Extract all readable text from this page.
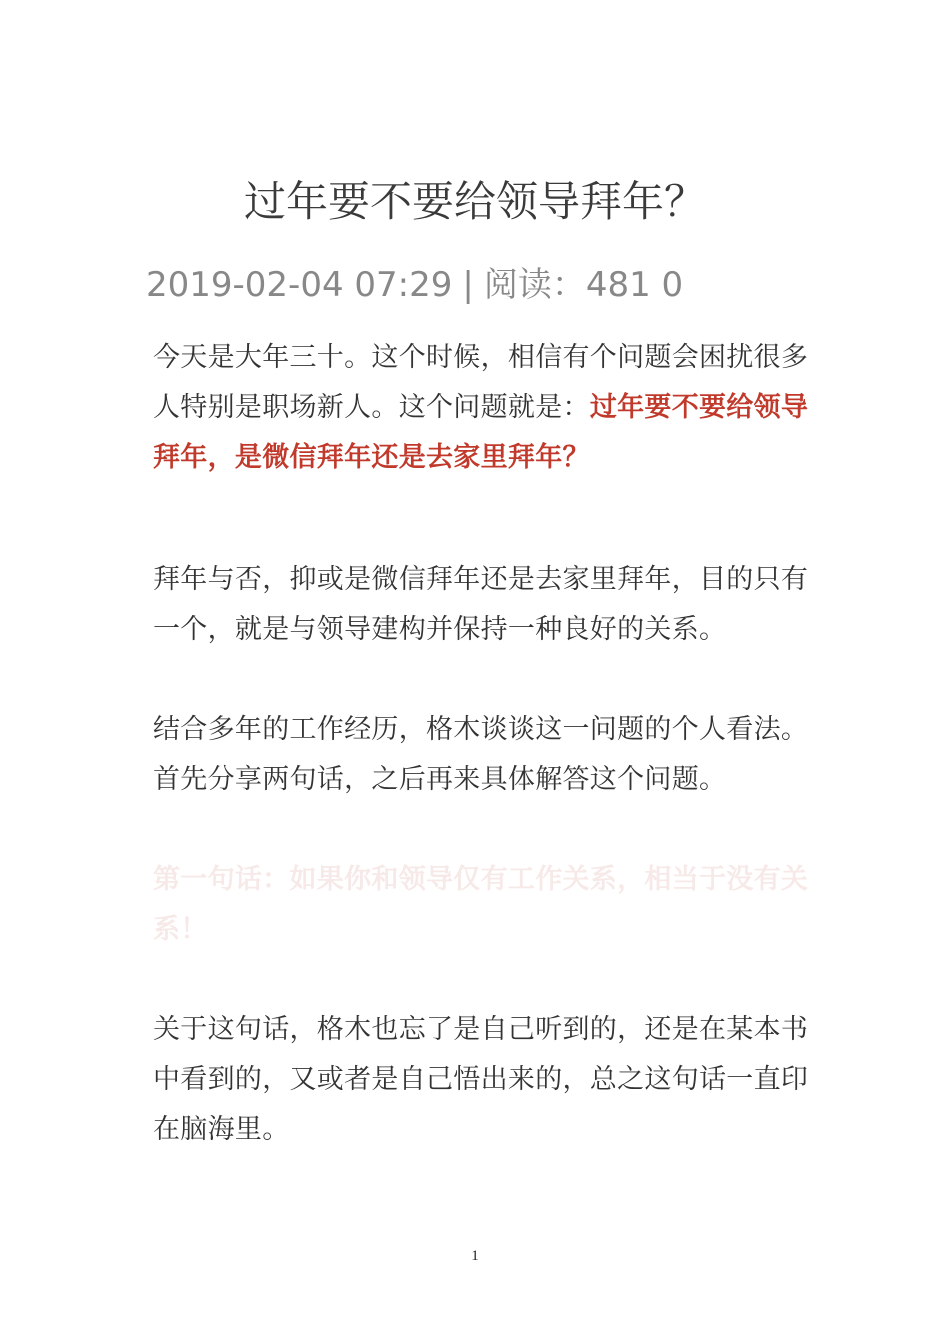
过年要不要给领导拜年？
2019-02-04 07:29 | 阅读：481 0

今天是大年三十。这个时候，相信有个问题会困扰很多人特别是职场新人。这个问题就是：过年要不要给领导拜年，是微信拜年还是去家里拜年？

拜年与否，抑或是微信拜年还是去家里拜年，目的只有一个，就是与领导建构并保持一种良好的关系。

结合多年的工作经历，格木谈谈这一问题的个人看法。首先分享两句话，之后再来具体解答这个问题。

第一句话：如果你和领导仅有工作关系，相当于没有关系！

关于这句话，格木也忘了是自己听到的，还是在某本书中看到的，又或者是自己悟出来的，总之这句话一直印在脑海里。

1
